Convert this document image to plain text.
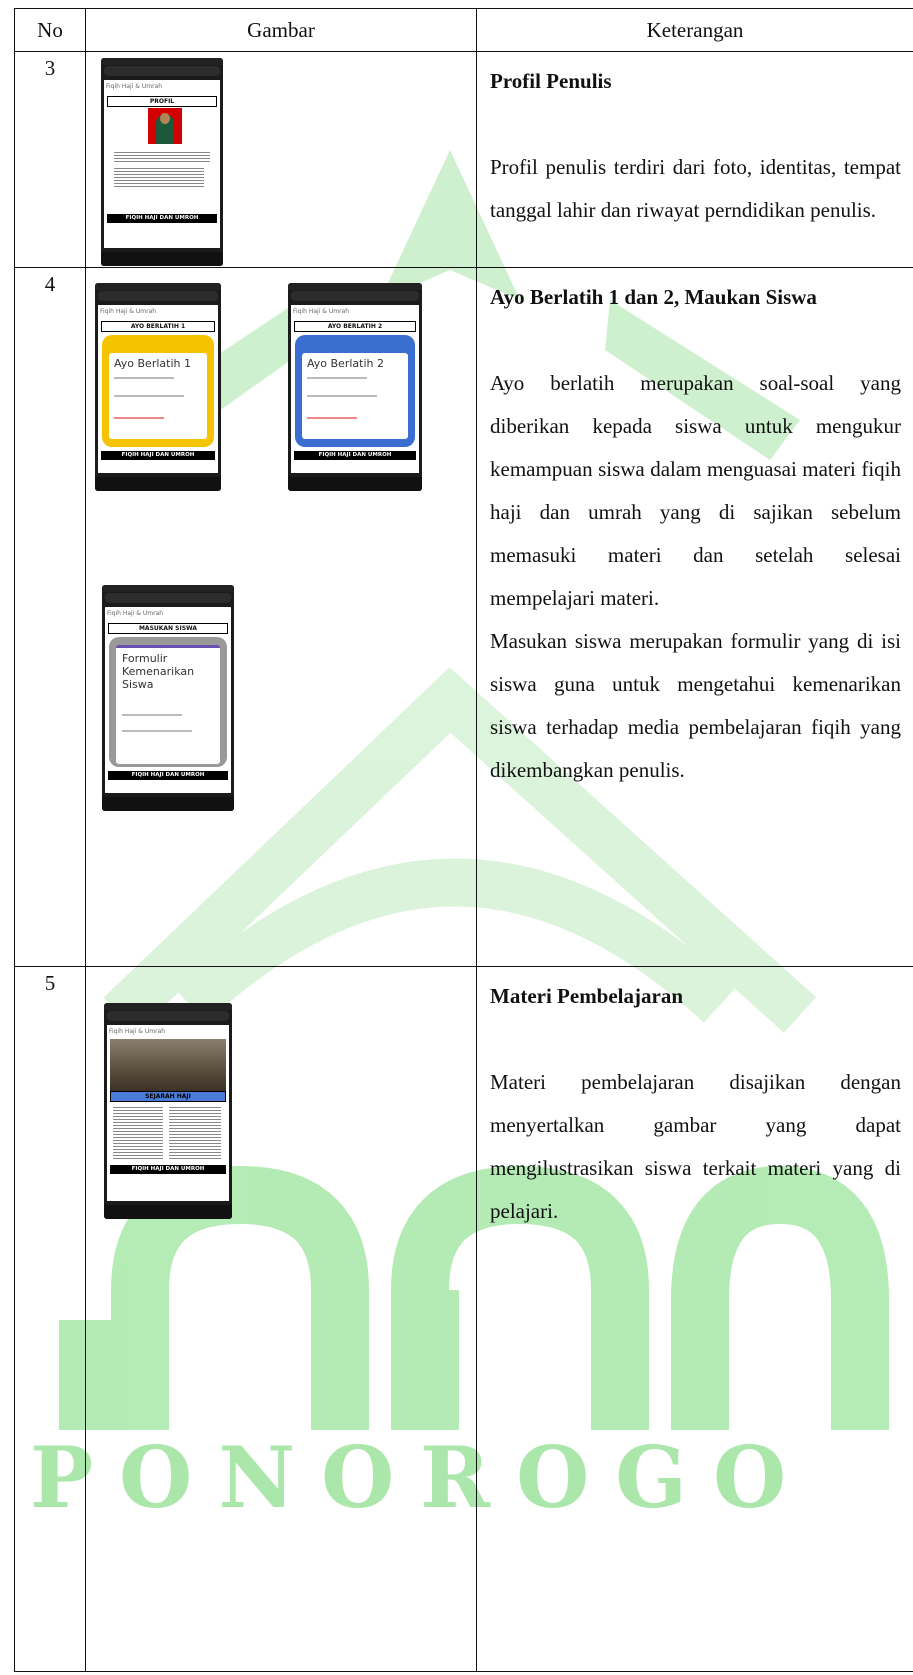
PONOROGO
No	Gambar	Keterangan
3		Profil Penulis

Profil penulis terdiri dari foto, identitas, tempat tanggal lahir dan riwayat perndidikan penulis.

4		Ayo Berlatih 1 dan 2, Maukan Siswa

Ayo berlatih merupakan soal-soal yang diberikan kepada siswa untuk mengukur kemampuan siswa dalam menguasai materi fiqih haji dan umrah yang di sajikan sebelum memasuki materi dan setelah selesai mempelajari materi.

Masukan siswa merupakan formulir yang di isi siswa guna untuk mengetahui kemenarikan siswa terhadap media pembelajaran fiqih yang dikembangkan penulis.

5		Materi Pembelajaran

Materi pembelajaran disajikan dengan menyertalkan gambar yang dapat mengilustrasikan siswa terkait materi yang di pelajari.

Fiqih Haji & Umrah
PROFIL
FIQIH HAJI DAN UMROH
Fiqih Haji & Umrah
AYO BERLATIH 1
Ayo Berlatih 1
FIQIH HAJI DAN UMROH
Fiqih Haji & Umrah
AYO BERLATIH 2
Ayo Berlatih 2
FIQIH HAJI DAN UMROH
Fiqih Haji & Umrah
MASUKAN SISWA
Formulir Kemenarikan Siswa
FIQIH HAJI DAN UMROH
Fiqih Haji & Umrah
SEJARAH HAJI
FIQIH HAJI DAN UMROH
